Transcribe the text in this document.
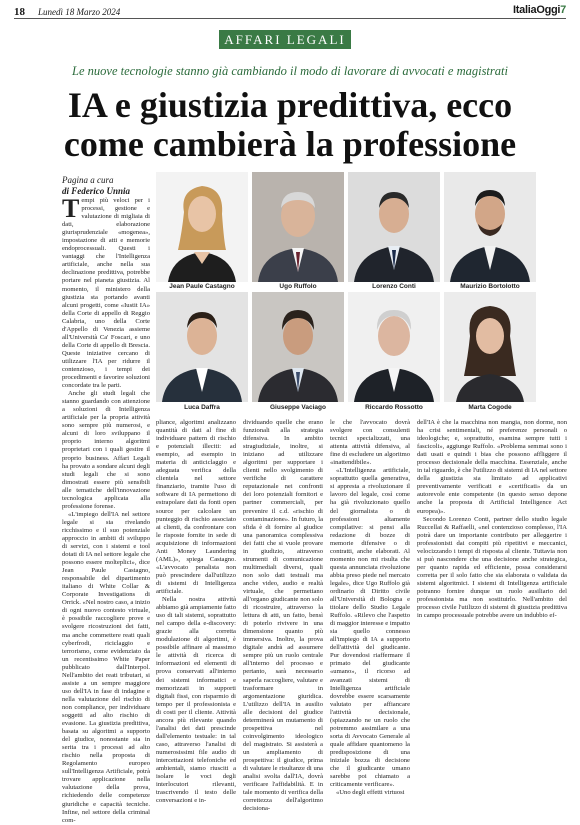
18 Lunedì 18 Marzo 2024	ItaliaOggi7
AFFARI LEGALI
Le nuove tecnologie stanno già cambiando il modo di lavorare di avvocati e magistrati
IA e giustizia predittiva, ecco
come cambierà la professione
Pagina a cura
di Federico Unnia

Tempi più veloci per i processi, gestione e valutazione di migliaia di dati, elaborazione giurisprudenziale «mogenea», impostazione di atti e memorie endoprocessuali. Questi i vantaggi che l'Intelligenza artificiale, anche nella sua declinazione predittiva, potrebbe portare nel pianeta giustizia. Al momento, il ministero della giustizia sta portando avanti alcuni progetti, come «Iustit IA» della Corte di appello di Reggio Calabria, uno della Corte d'Appello di Venezia assieme all'Università Ca' Foscari, e uno della Corte di appello di Brescia. Queste iniziative cercano di utilizzare l'IA per ridurre il contenzioso, i tempi dei procedimenti e favorire soluzioni concordate tra le parti.

Anche gli studi legali che stanno guardando con attenzione a soluzioni di Intelligenza artificiale per la propria attività sono sempre più numerosi, e alcuni di loro sviluppano il proprio interno algoritmi proprietari con i quali gestire il proprio business. Affari Legali ha provato a sondare alcuni degli studi legali che si sono dimostrati essere più sensibili alle tematiche dell'innovazione tecnologica applicata alla professione forense.

«L'impiego dell'IA nel settore legale si sta rivelando ricchissimo e il suo potenziale approccio in ambiti di sviluppo di servizi, con i sistemi e tool dotati di IA nel settore legale che possono essere molteplici», dice Jean Paule Castagno, responsabile del dipartimento italiano di White Collar & Corporate Investigations di Orrick. «Nel nostro caso, a inizio di ogni nuovo contesto virtuale, è possibile raccogliere prove e svolgere ricostruzioni dei fatti, ma anche commettere reati quali cyberfrodi, riciclaggio e terrorismo, come evidenziato da un recentissimo White Paper pubblicato dall'Interpol. Nell'ambito dei reati tributari, si assiste a un sempre maggiore uso dell'IA in fase di indagine e nella valutazione del rischio di non compliance, per individuare soggetti ad alto rischio di evasione. La giustizia predittiva, basata su algoritmi a supporto del giudice, nonostante sia in serita tra i processi ad alto rischio nella proposta di Regolamento europeo sull'Intelligenza Artificiale, potrà trovare applicazione nella valutazione della prova, richiedendo delle competenze giuridiche e capacità tecniche. Infine, nel settore della criminal com-

Jean Paule Castagno	Ugo Ruffolo	Lorenzo Conti	Maurizio Bortolotto
Luca Daffra	Giuseppe Vaciago	Riccardo Rossotto	Marta Cogode

pliance, algoritmi analizzano quantità di dati al fine di individuare pattern di rischio e potenziali illeciti: ad esempio, ad esempio in materia di anticiclaggio e adeguata verifica della clientela nel settore finanziario, tramite l'uso di software di IA permettono di estrapolare dati da fonti open source per calcolare un punteggio di rischio associato ai clienti, da confrontare con le risposte fornite in sede di acquisizione di informazioni Anti Money Laundering (AML)», spiega Castagno. «L'avvocato penalista non può prescindere dall'utilizzo di sistemi di Intelligenza artificiale.

Nella nostra attività abbiamo già ampiamente fatto uso di tali sistemi, soprattutto nel campo della e-discovery: grazie alla corretta modulazione di algoritmi, è possibile affinare al massimo le attività di ricerca di informazioni ed elementi di prova conservati all'interno dei sistemi informatici e memorizzati in supporti digitali fissi, con risparmio di tempo per il professionista e di costi per il cliente. Attività ancora più rilevante quando l'analisi dei dati prescinde dall'elemento testuale: in tal caso, attraverso l'analisi di numerosissimi file audio di intercettazioni telefoniche ed ambientali, siamo riusciti a isolare le voci degli interlocutori rilevanti, trascrivendo il testo delle conversazioni e in-

dividuando quelle che erano funzionali alla strategia difensiva. In ambito stragiudiziale, inoltre, si iniziano ad utilizzare algoritmi per supportare i clienti nello svolgimento di verifiche di carattere reputazionale nei confronti dei loro potenziali fornitori e partner commerciali, per prevenire il c.d. «rischio di contaminazione». In futuro, la sfida è di fornire al giudice una panoramica complessiva dei fatti che si vuole provare in giudizio, attraverso strumenti di comunicazione multimediali diversi, quali non solo dati testuali ma anche video, audio e realtà virtuale, che permettano all'organo giudicante non solo di ricostruire, attraverso la lettura di atti, un fatto, bensì di poterlo rivivere in una dimensione quanto più immersiva. Inoltre, la prova digitale andrà ad assumere sempre più un ruolo centrale all'interno del processo e pertanto, sarà necessario saperla raccogliere, valutare e trasformare in argomentazione giuridica. L'utilizzo dell'IA in ausilio alle decisioni del giudice determinerà un mutamento di prospettiva nel coinvolgimento ideologico del magistrato. Si assisterà a un ampliamento di prospettiva: il giudice, prima di valutare le risultanze di una analisi svolta dall'IA, dovrà verificare l'affidabilità. E in tale momento di verifica della correttezza dell'algoritmo decisiona-

le che l'avvocato dovrà svolgere con consulenti tecnici specializzati, una attenta attività difensiva, al fine di escludere un algoritmo «inattendibile».

«L'Intelligenza artificiale, soprattutto quella generativa, si appresta a rivoluzionare il lavoro del legale, così come ha già rivoluzionato quello del giornalista o di professioni altamente compilative: si pensi alla redazione di bozze di memorie difensive o di contratti, anche elaborati. Al momento non mi risulta che questa annunciata rivoluzione abbia preso piede nel mercato legale», dice Ugo Ruffolo già ordinario di Diritto civile all'Università di Bologna e titolare dello Studio Legale Ruffolo. «Rilevo che l'aspetto di maggior interesse e impatto sia quello connesso all'impiego di IA a supporto dell'attività del giudicante. Pur dovendosi riaffermare il primato del giudicante «umano», il ricorso ad avanzati sistemi di Intelligenza artificiale dovrebbe essere scarsamente valutato per affiancare l'attività decisionale, (spiazzando ne un ruolo che potremmo assimilare a una sorta di Avvocato Generale al quale affidare quantomeno la predisposizione di una iniziale bozza di decisione che il giudicante umano sarebbe poi chiamato a criticamente verificare».

«Uno degli effetti virtuosi

dell'IA è che la macchina non mangia, non dorme, non ha crisi sentimentali, né preferenze personali o ideologiche; e, soprattutto, esamina sempre tutti i fascicoli», aggiunge Ruffolo. «Problema semmai sono i dati usati e quindi i bias che possono affliggere il processo decisionale della macchina. Essenziale, anche in tal riguardo, è che l'utilizzo di sistemi di IA nel settore della giustizia sia limitato ad applicativi preventivamente verificati e «certificati» da un autorevole ente competente (in questo senso depone anche la proposta di Artificial Intelligence Act europea)».

Secondo Lorenzo Conti, partner dello studio legale Ruccellai & Raffaelli, «nel contenzioso complesso, l'IA potrà dare un importante contributo per alleggerire i professionisti dai compiti più ripetitivi e meccanici, velocizzando i tempi di risposta al cliente. Tuttavia non si può nascondere che una decisione anche strategica, per quanto rapida ed efficiente, possa considerarsi corretta per il solo fatto che sia elaborata o validata da sistemi algoritmici. I sistemi di Intelligenza artificiale potranno fornire dunque un ruolo ausiliario del professionista ma non sostituirlo. Nell'ambito del processo civile l'utilizzo di sistemi di giustizia predittiva in campo processuale potrebbe avere un indubbio ef-
